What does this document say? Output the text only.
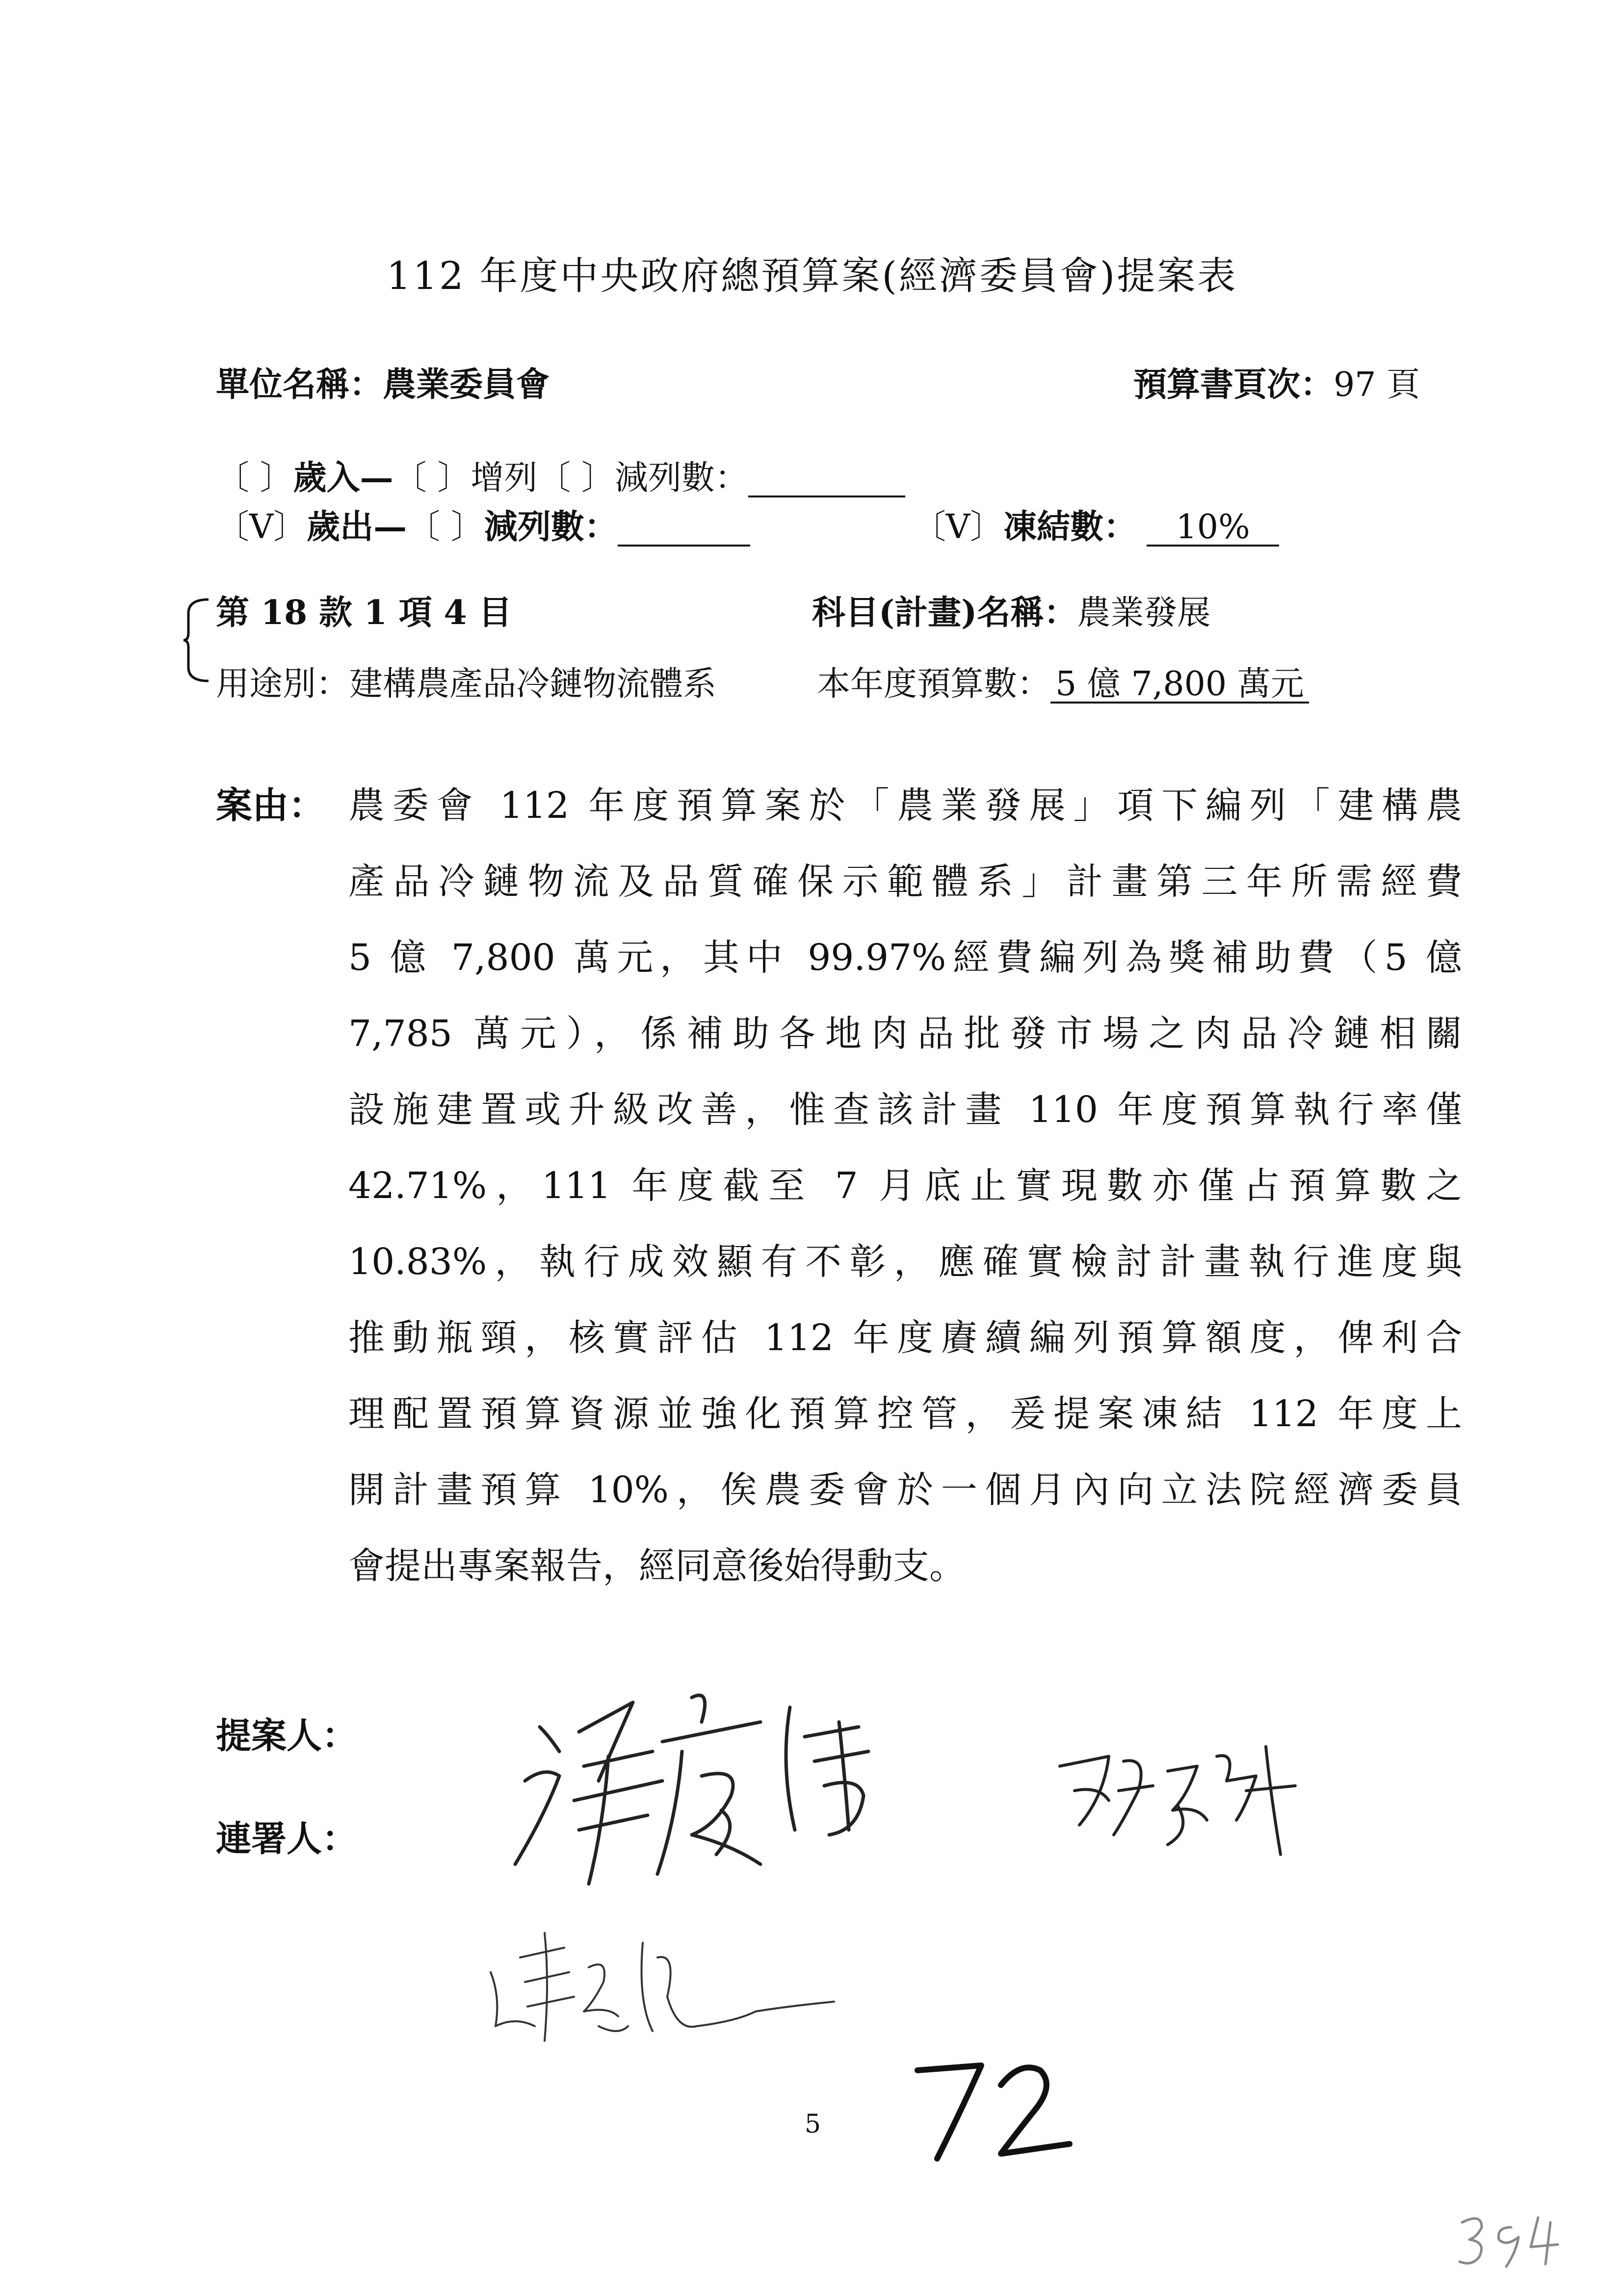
112 年度中央政府總預算案(經濟委員會)提案表
單位名稱：農業委員會	預算書頁次：97 頁
〔 〕歲入—〔 〕增列〔 〕減列數：
〔V〕歲出—〔 〕減列數：	〔V〕凍結數： 10%
第 18 款 1 項 4 目	科目(計畫)名稱：農業發展
用途別：建構農產品冷鏈物流體系	本年度預算數： 5 億 7,800 萬元
案由： 農委會 112 年度預算案於「農業發展」項下編列「建構農
產品冷鏈物流及品質確保示範體系」計畫第三年所需經費
5 億 7,800 萬元，其中 99.97%經費編列為獎補助費（5 億
7,785 萬元），係補助各地肉品批發市場之肉品冷鏈相關
設施建置或升級改善，惟查該計畫 110 年度預算執行率僅
42.71%，111 年度截至 7 月底止實現數亦僅占預算數之
10.83%，執行成效顯有不彰，應確實檢討計畫執行進度與
推動瓶頸，核實評估 112 年度賡續編列預算額度，俾利合
理配置預算資源並強化預算控管，爰提案凍結 112 年度上
開計畫預算 10%，俟農委會於一個月內向立法院經濟委員
會提出專案報告，經同意後始得動支。
提案人：
連署人：
5
